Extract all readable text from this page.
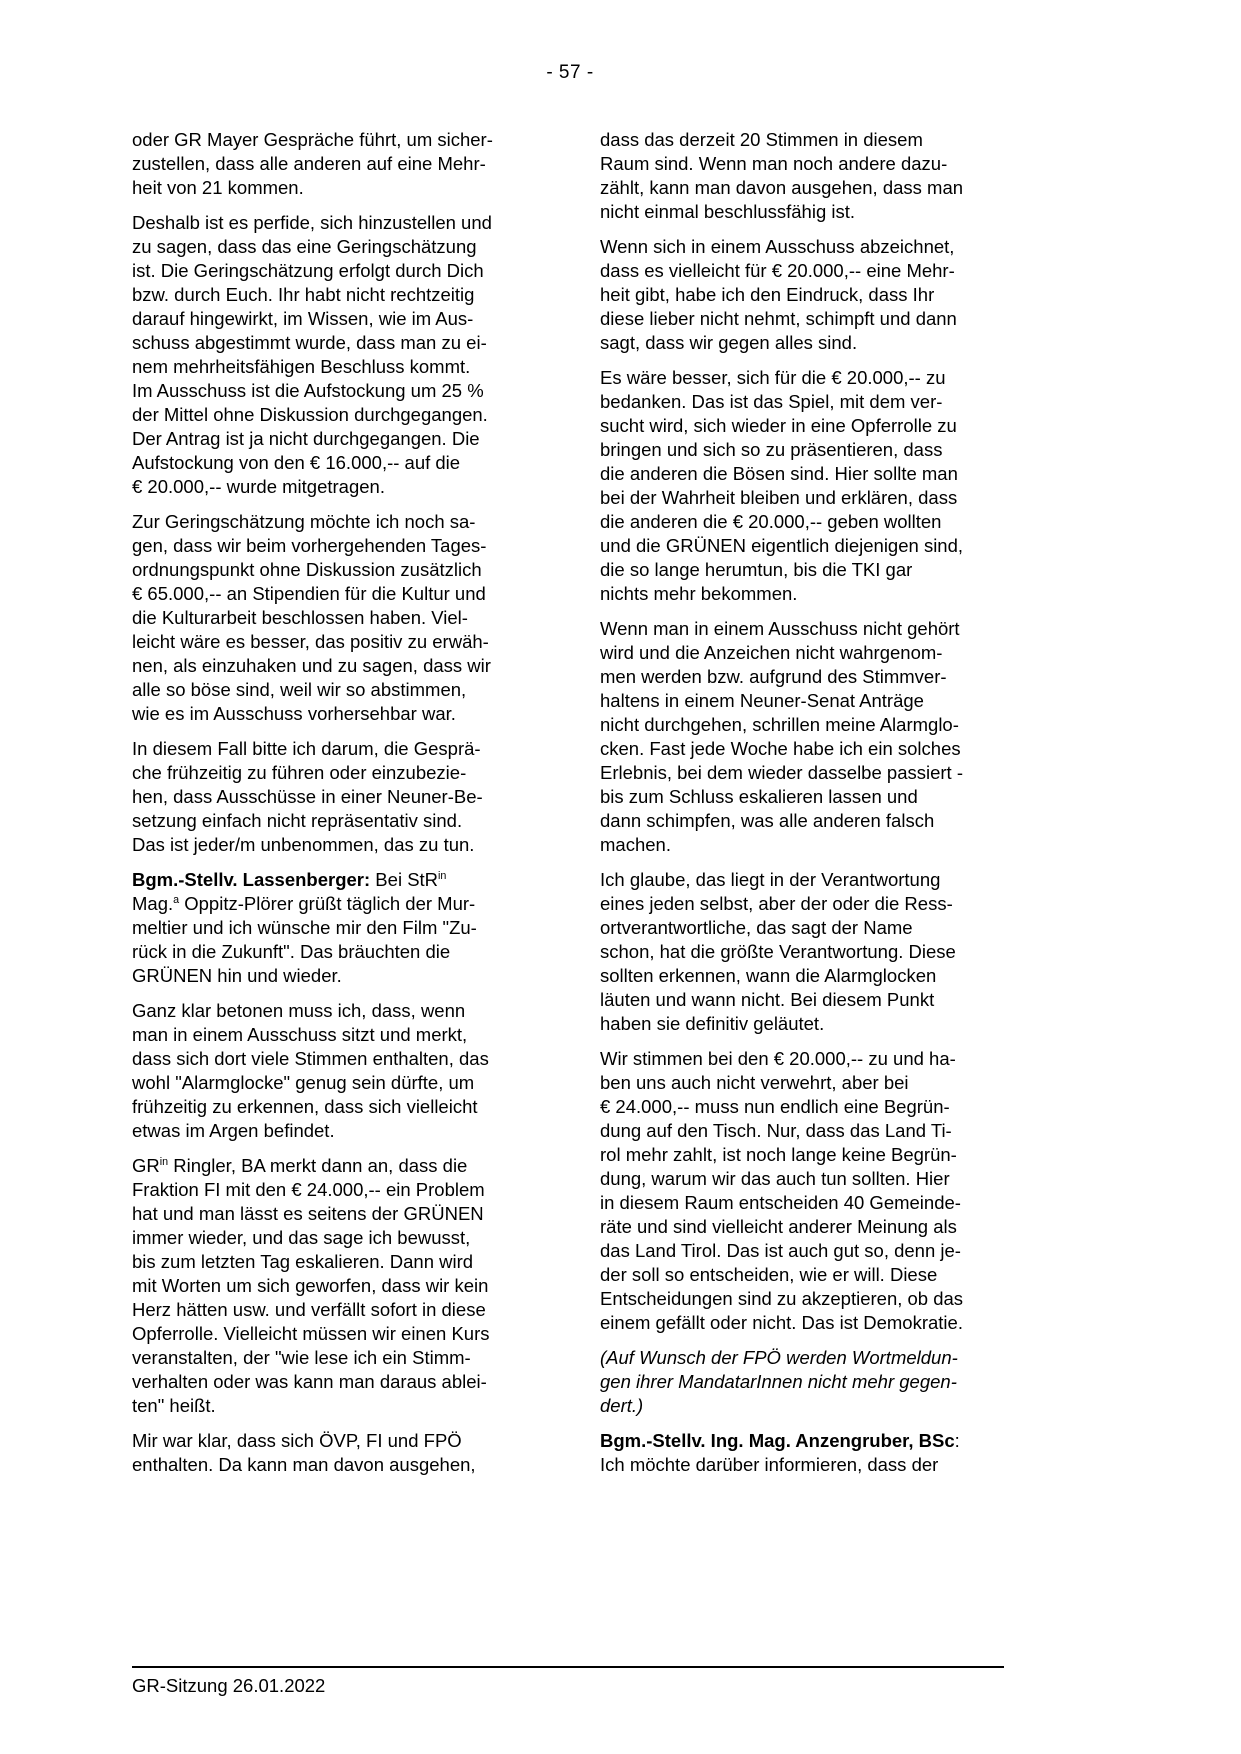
- 57 -

oder GR Mayer Gespräche führt, um sicher-
zustellen, dass alle anderen auf eine Mehr-
heit von 21 kommen.

Deshalb ist es perfide, sich hinzustellen und
zu sagen, dass das eine Geringschätzung
ist. Die Geringschätzung erfolgt durch Dich
bzw. durch Euch. Ihr habt nicht rechtzeitig
darauf hingewirkt, im Wissen, wie im Aus-
schuss abgestimmt wurde, dass man zu ei-
nem mehrheitsfähigen Beschluss kommt.
Im Ausschuss ist die Aufstockung um 25 %
der Mittel ohne Diskussion durchgegangen.
Der Antrag ist ja nicht durchgegangen. Die
Aufstockung von den € 16.000,-- auf die
€ 20.000,-- wurde mitgetragen.

Zur Geringschätzung möchte ich noch sa-
gen, dass wir beim vorhergehenden Tages-
ordnungspunkt ohne Diskussion zusätzlich
€ 65.000,-- an Stipendien für die Kultur und
die Kulturarbeit beschlossen haben. Viel-
leicht wäre es besser, das positiv zu erwäh-
nen, als einzuhaken und zu sagen, dass wir
alle so böse sind, weil wir so abstimmen,
wie es im Ausschuss vorhersehbar war.

In diesem Fall bitte ich darum, die Gesprä-
che frühzeitig zu führen oder einzubezie-
hen, dass Ausschüsse in einer Neuner-Be-
setzung einfach nicht repräsentativ sind.
Das ist jeder/m unbenommen, das zu tun.

Bgm.-Stellv. Lassenberger: Bei StR$^{in}$
Mag.$^a$ Oppitz-Plörer grüßt täglich der Mur-
meltier und ich wünsche mir den Film "Zu-
rück in die Zukunft". Das bräuchten die
GRÜNEN hin und wieder.

Ganz klar betonen muss ich, dass, wenn
man in einem Ausschuss sitzt und merkt,
dass sich dort viele Stimmen enthalten, das
wohl "Alarmglocke" genug sein dürfte, um
frühzeitig zu erkennen, dass sich vielleicht
etwas im Argen befindet.

$GR^{in}$ Ringler, BA merkt dann an, dass die
Fraktion FI mit den € 24.000,-- ein Problem
hat und man lässt es seitens der GRÜNEN
immer wieder, und das sage ich bewusst,
bis zum letzten Tag eskalieren. Dann wird
mit Worten um sich geworfen, dass wir kein
Herz hätten usw. und verfällt sofort in diese
Opferrolle. Vielleicht müssen wir einen Kurs
veranstalten, der "wie lese ich ein Stimm-
verhalten oder was kann man daraus ablei-
ten" heißt.

Mir war klar, dass sich ÖVP, FI und FPÖ
enthalten. Da kann man davon ausgehen,

dass das derzeit 20 Stimmen in diesem
Raum sind. Wenn man noch andere dazu-
zählt, kann man davon ausgehen, dass man
nicht einmal beschlussfähig ist.

Wenn sich in einem Ausschuss abzeichnet,
dass es vielleicht für € 20.000,-- eine Mehr-
heit gibt, habe ich den Eindruck, dass Ihr
diese lieber nicht nehmt, schimpft und dann
sagt, dass wir gegen alles sind.

Es wäre besser, sich für die € 20.000,-- zu
bedanken. Das ist das Spiel, mit dem ver-
sucht wird, sich wieder in eine Opferrolle zu
bringen und sich so zu präsentieren, dass
die anderen die Bösen sind. Hier sollte man
bei der Wahrheit bleiben und erklären, dass
die anderen die € 20.000,-- geben wollten
und die GRÜNEN eigentlich diejenigen sind,
die so lange herumtun, bis die TKI gar
nichts mehr bekommen.

Wenn man in einem Ausschuss nicht gehört
wird und die Anzeichen nicht wahrgenom-
men werden bzw. aufgrund des Stimmver-
haltens in einem Neuner-Senat Anträge
nicht durchgehen, schrillen meine Alarmglo-
cken. Fast jede Woche habe ich ein solches
Erlebnis, bei dem wieder dasselbe passiert -
bis zum Schluss eskalieren lassen und
dann schimpfen, was alle anderen falsch
machen.

Ich glaube, das liegt in der Verantwortung
eines jeden selbst, aber der oder die Ress-
ortverantwortliche, das sagt der Name
schon, hat die größte Verantwortung. Diese
sollten erkennen, wann die Alarmglocken
läuten und wann nicht. Bei diesem Punkt
haben sie definitiv geläutet.

Wir stimmen bei den € 20.000,-- zu und ha-
ben uns auch nicht verwehrt, aber bei
€ 24.000,-- muss nun endlich eine Begrün-
dung auf den Tisch. Nur, dass das Land Ti-
rol mehr zahlt, ist noch lange keine Begrün-
dung, warum wir das auch tun sollten. Hier
in diesem Raum entscheiden 40 Gemeinde-
räte und sind vielleicht anderer Meinung als
das Land Tirol. Das ist auch gut so, denn je-
der soll so entscheiden, wie er will. Diese
Entscheidungen sind zu akzeptieren, ob das
einem gefällt oder nicht. Das ist Demokratie.

(Auf Wunsch der FPÖ werden Wortmeldun-
gen ihrer MandatarInnen nicht mehr gegen-
dert.)

Bgm.-Stellv. Ing. Mag. Anzengruber, BSc:
Ich möchte darüber informieren, dass der

GR-Sitzung 26.01.2022
